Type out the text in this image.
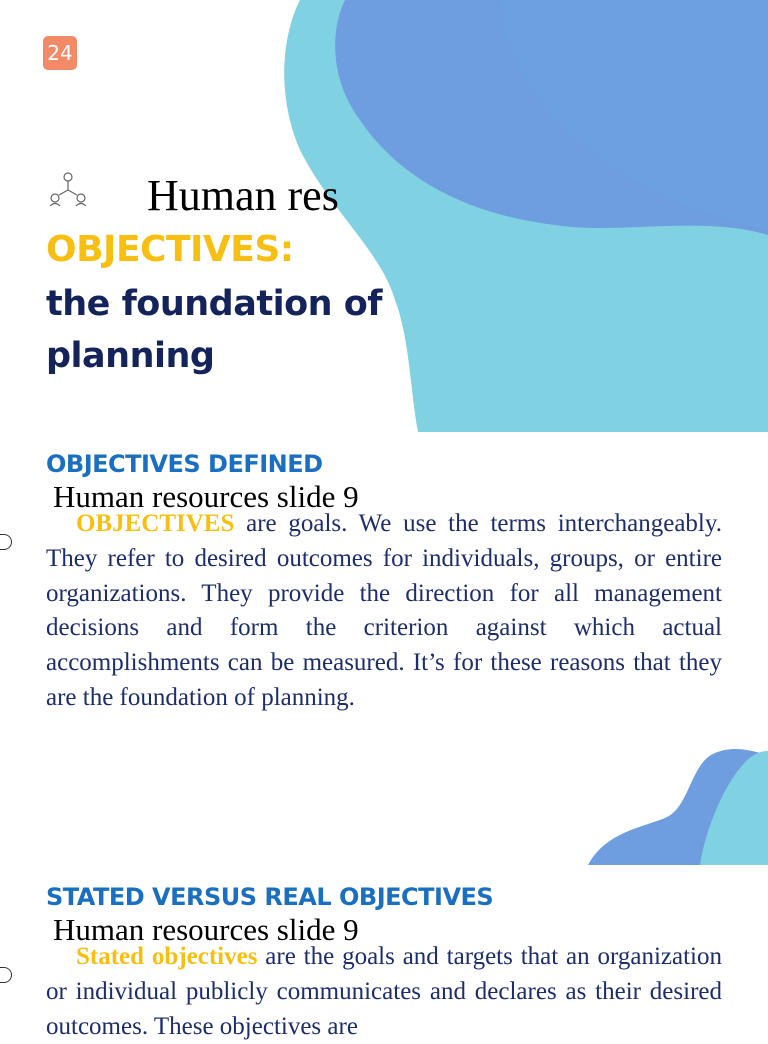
24
Human res
OBJECTIVES:
the foundation of planning
OBJECTIVES DEFINED
Human resources slide 9

OBJECTIVES are goals. We use the terms interchangeably. They refer to desired outcomes for individuals, groups, or entire organizations. They provide the direction for all management decisions and form the criterion against which actual accomplishments can be measured. It’s for these reasons that they are the foundation of planning.

STATED VERSUS REAL OBJECTIVES
Human resources slide 9

Stated objectives are the goals and targets that an organization or individual publicly communicates and declares as their desired outcomes. These objectives are
